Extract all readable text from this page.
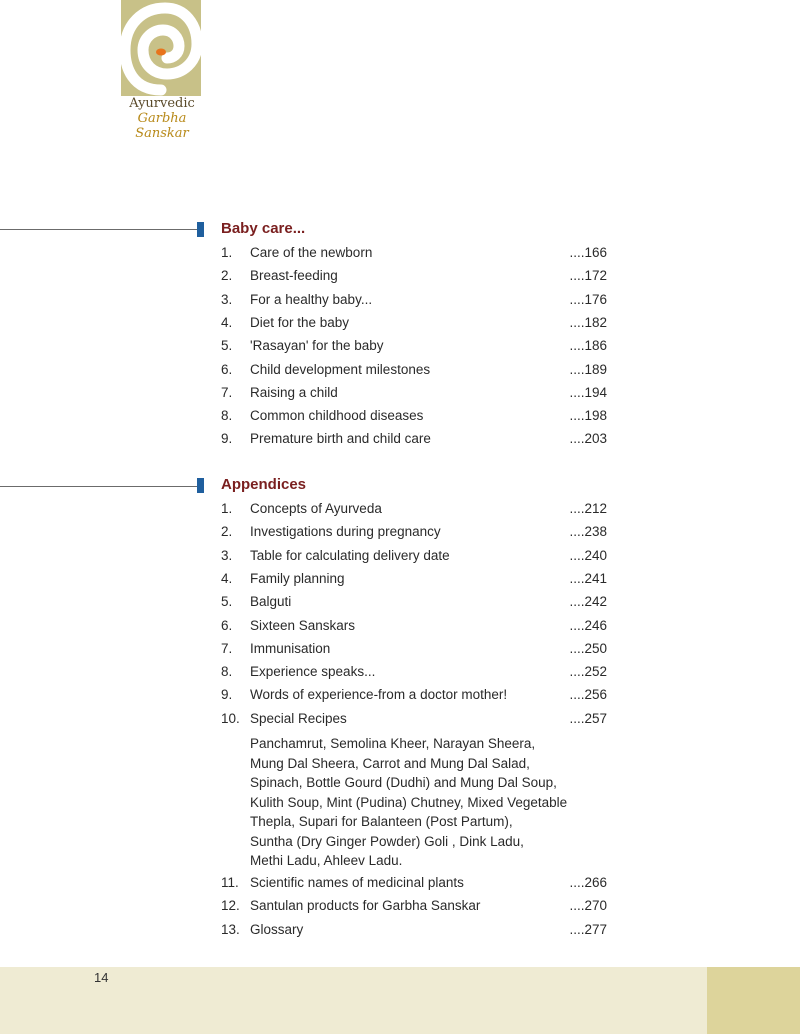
Ayurvedic
Garbha Sanskar
Baby care...
1. Care of the newborn	....166
2. Breast-feeding	....172
3. For a healthy baby...	....176
4. Diet for the baby	....182
5. 'Rasayan' for the baby	....186
6. Child development milestones	....189
7. Raising a child	....194
8. Common childhood diseases	....198
9. Premature birth and child care	....203
Appendices
1. Concepts of Ayurveda	....212
2. Investigations during pregnancy	....238
3. Table for calculating delivery date	....240
4. Family planning	....241
5. Balguti	....242
6. Sixteen Sanskars	....246
7. Immunisation	....250
8. Experience speaks...	....252
9. Words of experience-from a doctor mother!	....256
10. Special Recipes	....257
Panchamrut, Semolina Kheer, Narayan Sheera,
Mung Dal Sheera, Carrot and Mung Dal Salad,
Spinach, Bottle Gourd (Dudhi) and Mung Dal Soup,
Kulith Soup, Mint (Pudina) Chutney, Mixed Vegetable
Thepla, Supari for Balanteen (Post Partum),
Suntha (Dry Ginger Powder) Goli , Dink Ladu,
Methi Ladu, Ahleev Ladu.
11. Scientific names of medicinal plants	....266
12. Santulan products for Garbha Sanskar	....270
13. Glossary	....277
14
